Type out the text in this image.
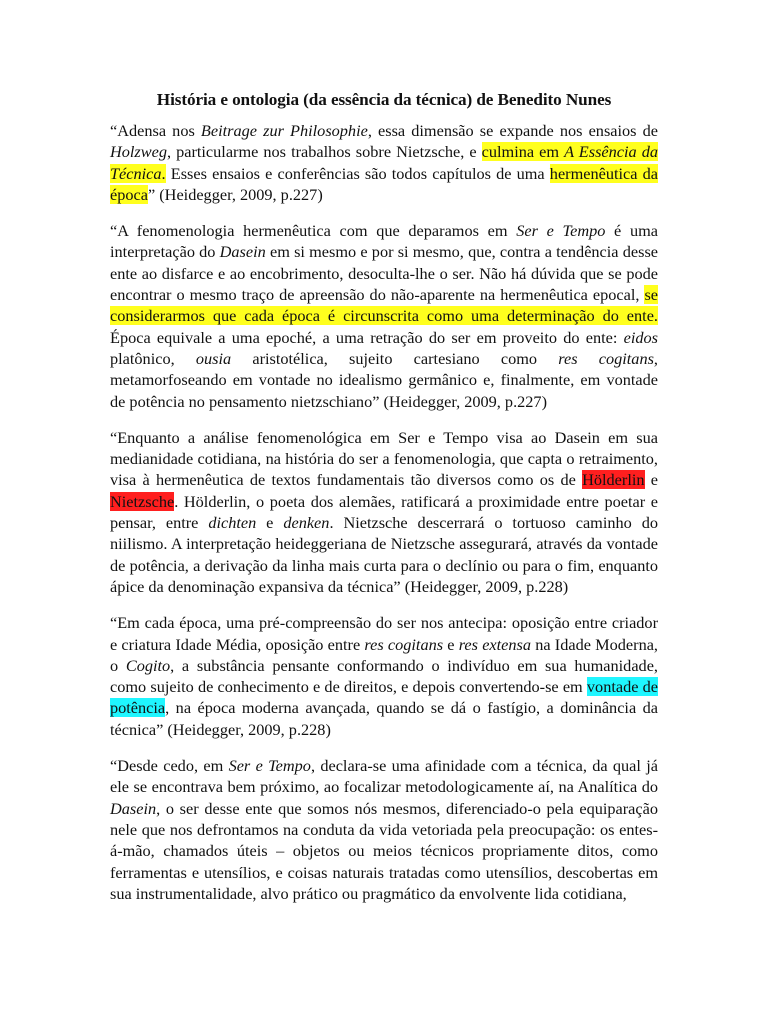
História e ontologia (da essência da técnica) de Benedito Nunes

“Adensa nos Beitrage zur Philosophie, essa dimensão se expande nos ensaios de Holzweg, particularme nos trabalhos sobre Nietzsche, e culmina em A Essência da Técnica. Esses ensaios e conferências são todos capítulos de uma hermenêutica da época” (Heidegger, 2009, p.227)

“A fenomenologia hermenêutica com que deparamos em Ser e Tempo é uma interpretação do Dasein em si mesmo e por si mesmo, que, contra a tendência desse ente ao disfarce e ao encobrimento, desoculta-lhe o ser. Não há dúvida que se pode encontrar o mesmo traço de apreensão do não-aparente na hermenêutica epocal, se considerarmos que cada época é circunscrita como uma determinação do ente. Época equivale a uma epoché, a uma retração do ser em proveito do ente: eidos platônico, ousia aristotélica, sujeito cartesiano como res cogitans, metamorfoseando em vontade no idealismo germânico e, finalmente, em vontade de potência no pensamento nietzschiano” (Heidegger, 2009, p.227)

“Enquanto a análise fenomenológica em Ser e Tempo visa ao Dasein em sua medianidade cotidiana, na história do ser a fenomenologia, que capta o retraimento, visa à hermenêutica de textos fundamentais tão diversos como os de Hölderlin e Nietzsche. Hölderlin, o poeta dos alemães, ratificará a proximidade entre poetar e pensar, entre dichten e denken. Nietzsche descerrará o tortuoso caminho do niilismo. A interpretação heideggeriana de Nietzsche assegurará, através da vontade de potência, a derivação da linha mais curta para o declínio ou para o fim, enquanto ápice da denominação expansiva da técnica” (Heidegger, 2009, p.228)

“Em cada época, uma pré-compreensão do ser nos antecipa: oposição entre criador e criatura Idade Média, oposição entre res cogitans e res extensa na Idade Moderna, o Cogito, a substância pensante conformando o indivíduo em sua humanidade, como sujeito de conhecimento e de direitos, e depois convertendo-se em vontade de potência, na época moderna avançada, quando se dá o fastígio, a dominância da técnica” (Heidegger, 2009, p.228)

“Desde cedo, em Ser e Tempo, declara-se uma afinidade com a técnica, da qual já ele se encontrava bem próximo, ao focalizar metodologicamente aí, na Analítica do Dasein, o ser desse ente que somos nós mesmos, diferenciado-o pela equiparação nele que nos defrontamos na conduta da vida vetoriada pela preocupação: os entes-á-mão, chamados úteis – objetos ou meios técnicos propriamente ditos, como ferramentas e utensílios, e coisas naturais tratadas como utensílios, descobertas em sua instrumentalidade, alvo prático ou pragmático da envolvente lida cotidiana,
